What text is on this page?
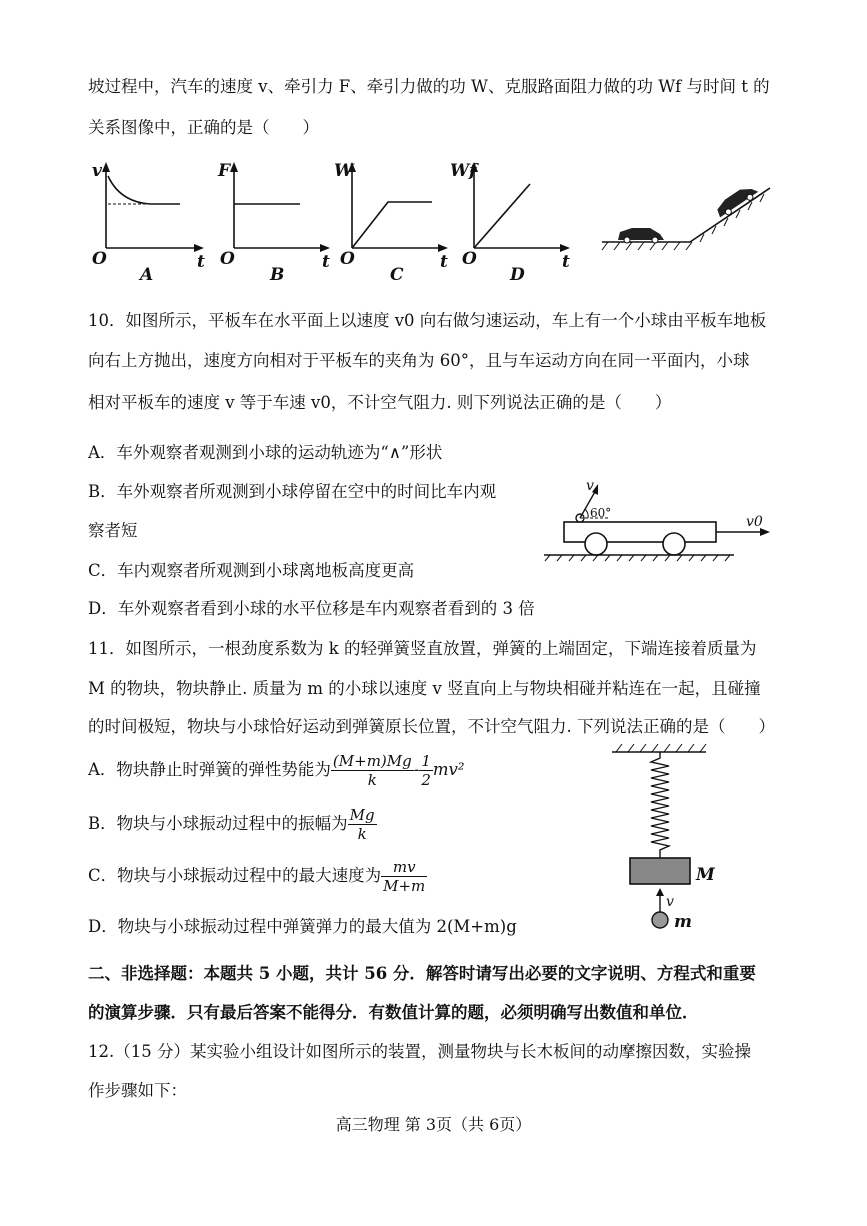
坡过程中，汽车的速度 v、牵引力 F、牵引力做的功 W、克服路面阻力做的功 Wf 与时间 t 的
关系图像中，正确的是（　　）
v
O	t
A
F
O	t
B
W
O	t
C
Wf
O	t
D
10．如图所示，平板车在水平面上以速度 v0 向右做匀速运动，车上有一个小球由平板车地板
向右上方抛出，速度方向相对于平板车的夹角为 60°，且与车运动方向在同一平面内，小球
相对平板车的速度 v 等于车速 v0，不计空气阻力. 则下列说法正确的是（　　）
A．车外观察者观测到小球的运动轨迹为“∧”形状
B．车外观察者所观测到小球停留在空中的时间比车内观
察者短
C．车内观察者所观测到小球离地板高度更高
D．车外观察者看到小球的水平位移是车内观察者看到的 3 倍
v
60°
v0
11．如图所示，一根劲度系数为 k 的轻弹簧竖直放置，弹簧的上端固定，下端连接着质量为
M 的物块，物块静止. 质量为 m 的小球以速度 v 竖直向上与物块相碰并粘连在一起，且碰撞
的时间极短，物块与小球恰好运动到弹簧原长位置，不计空气阻力. 下列说法正确的是（　　）
A．物块静止时弹簧的弹性势能为 $\frac{(M+m)Mg}{k} - \frac{1}{2} mv^2$
B．物块与小球振动过程中的振幅为 $\frac{Mg}{k}$
C．物块与小球振动过程中的最大速度为 $\frac{mv}{M+m}$
D．物块与小球振动过程中弹簧弹力的最大值为 2(M+m)g
M
v
m
二、非选择题：本题共 5 小题，共计 56 分．解答时请写出必要的文字说明、方程式和重要
的演算步骤．只有最后答案不能得分．有数值计算的题，必须明确写出数值和单位．
12.（15 分）某实验小组设计如图所示的装置，测量物块与长木板间的动摩擦因数，实验操
作步骤如下：
高三物理 第 3页（共 6页）
